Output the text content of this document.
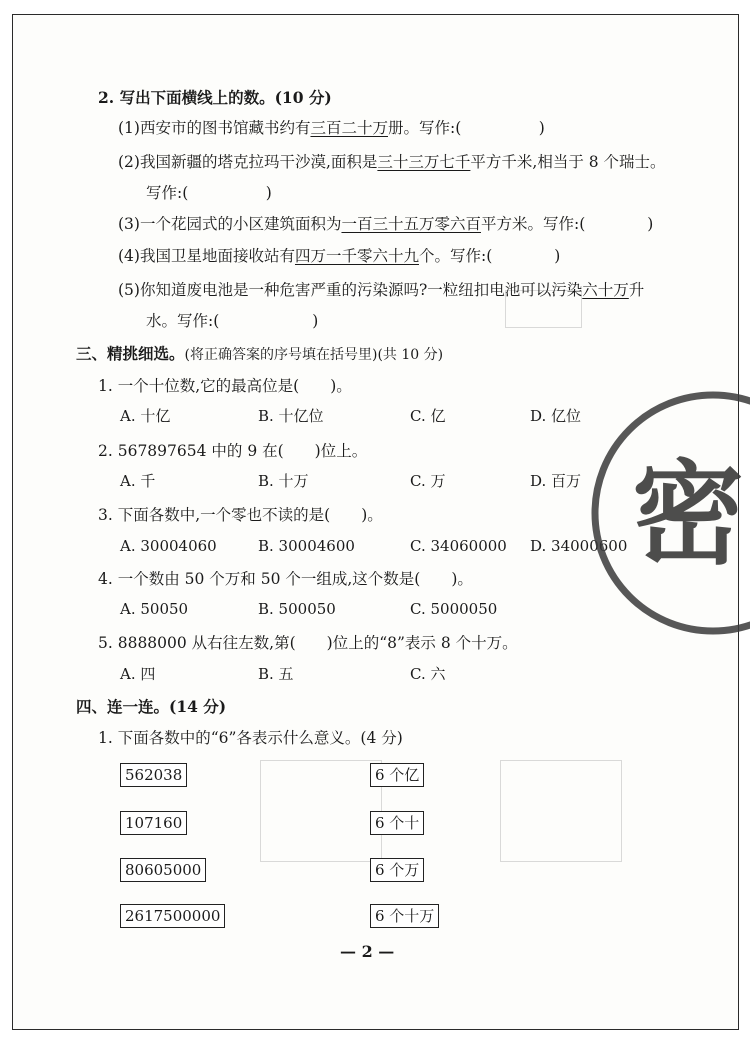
2. 写出下面横线上的数。(10 分)
(1)西安市的图书馆藏书约有三百二十万册。写作:(　　　　　)
(2)我国新疆的塔克拉玛干沙漠,面积是三十三万七千平方千米,相当于 8 个瑞士。
写作:(　　　　　)
(3)一个花园式的小区建筑面积为一百三十五万零六百平方米。写作:(　　　　)
(4)我国卫星地面接收站有四万一千零六十九个。写作:(　　　　)
(5)你知道废电池是一种危害严重的污染源吗?一粒纽扣电池可以污染六十万升
水。写作:(　　　　　　)
三、精挑细选。(将正确答案的序号填在括号里)(共 10 分)
1. 一个十位数,它的最高位是(　　)。
A. 十亿	B. 十亿位	C. 亿	D. 亿位
2. 567897654 中的 9 在(　　)位上。
A. 千	B. 十万	C. 万	D. 百万
3. 下面各数中,一个零也不读的是(　　)。
A. 30004060	B. 30004600	C. 34060000 D. 34000600
4. 一个数由 50 个万和 50 个一组成,这个数是(　　)。
A. 50050	B. 500050	C. 5000050
5. 8888000 从右往左数,第(　　)位上的“8”表示 8 个十万。
A. 四	B. 五	C. 六
四、连一连。(14 分)
1. 下面各数中的“6”各表示什么意义。(4 分)
562038
107160
80605000
2617500000
6 个亿
6 个十
6 个万
6 个十万
密
— 2 —
